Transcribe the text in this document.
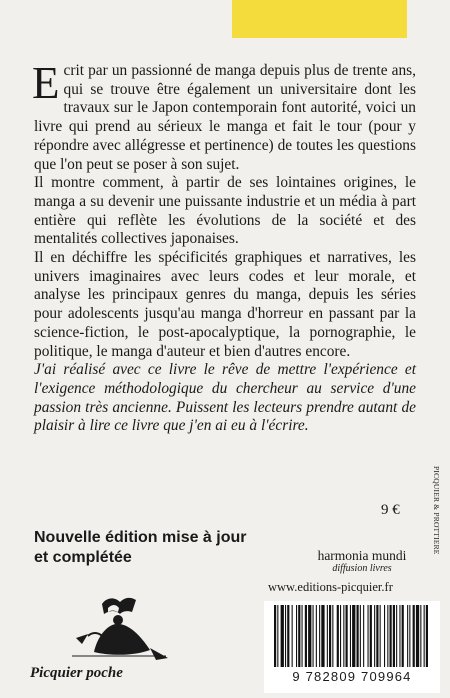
Ecrit par un passionné de manga depuis plus de trente ans, qui se trouve être également un universitaire dont les travaux sur le Japon contemporain font autorité, voici un livre qui prend au sérieux le manga et fait le tour (pour y répondre avec allégresse et pertinence) de toutes les questions que l'on peut se poser à son sujet.

Il montre comment, à partir de ses lointaines origines, le manga a su devenir une puissante industrie et un média à part entière qui reflète les évolutions de la société et des mentalités collectives japonaises.

Il en déchiffre les spécificités graphiques et narratives, les univers imaginaires avec leurs codes et leur morale, et analyse les principaux genres du manga, depuis les séries pour adolescents jusqu'au manga d'horreur en passant par la science-fiction, le post-apocalyptique, la pornographie, le politique, le manga d'auteur et bien d'autres encore.

J'ai réalisé avec ce livre le rêve de mettre l'expérience et l'exigence méthodologique du chercheur au service d'une passion très ancienne. Puissent les lecteurs prendre autant de plaisir à lire ce livre que j'en ai eu à l'écrire.

Nouvelle édition mise à jour
et complétée
9 €	PICQUIER & PROTTIERE
harmonia mundi
diffusion livres
www.editions-picquier.fr
9 782809 709964
Picquier poche
